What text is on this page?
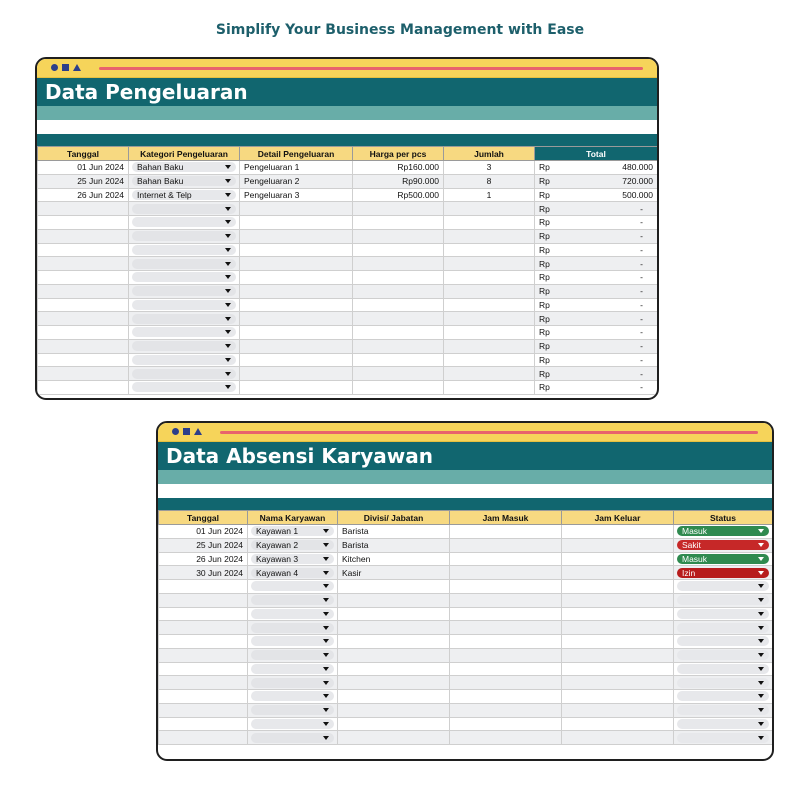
Simplify Your Business Management with Ease
Data Pengeluaran
Tanggal	Kategori Pengeluaran	Detail Pengeluaran	Harga per pcs	Jumlah	Total
01 Jun 2024	Bahan Baku	Pengeluaran 1	Rp160.000	3	Rp 480.000

25 Jun 2024	Bahan Baku	Pengeluaran 2	Rp90.000	8	Rp 720.000

26 Jun 2024	Internet & Telp	Pengeluaran 3	Rp500.000	1	Rp 500.000

					Rp -

					Rp -

					Rp -

					Rp -

					Rp -

					Rp -

					Rp -

					Rp -

					Rp -

					Rp -

					Rp -

					Rp -

					Rp -

					Rp -
Data Absensi Karyawan
Tanggal	Nama Karyawan	Divisi/ Jabatan	Jam Masuk	Jam Keluar	Status
01 Jun 2024	Kayawan 1	Barista			Masuk

25 Jun 2024	Kayawan 2	Barista			Sakit

26 Jun 2024	Kayawan 3	Kitchen			Masuk

30 Jun 2024	Kayawan 4	Kasir			Izin
